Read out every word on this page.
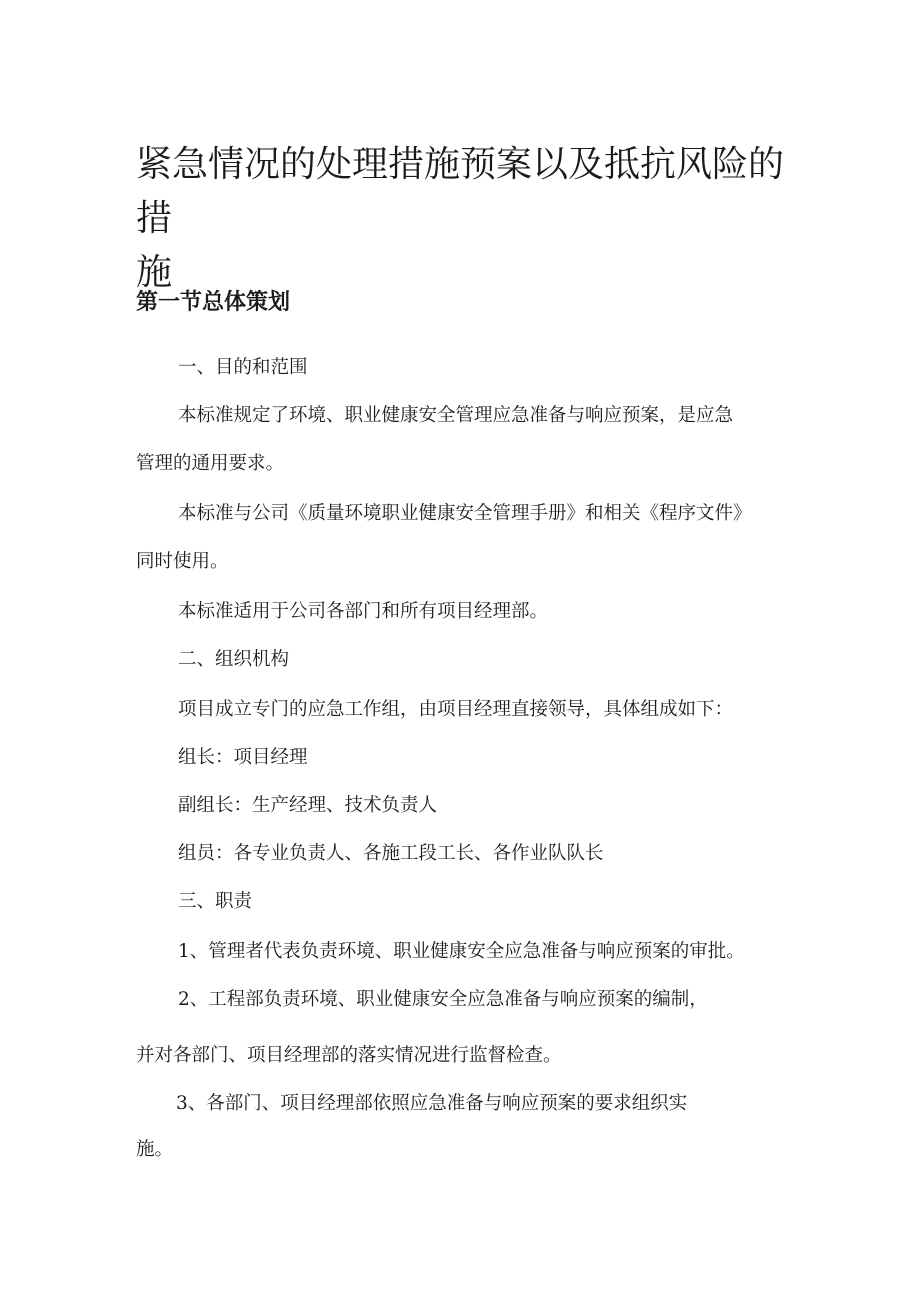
紧急情况的处理措施预案以及抵抗风险的措
施
第一节总体策划

一、目的和范围

本标准规定了环境、职业健康安全管理应急准备与响应预案，是应急

管理的通用要求。

本标准与公司《质量环境职业健康安全管理手册》和相关《程序文件》

同时使用。

本标准适用于公司各部门和所有项目经理部。

二、组织机构

项目成立专门的应急工作组，由项目经理直接领导，具体组成如下：

组长：项目经理

副组长：生产经理、技术负责人

组员：各专业负责人、各施工段工长、各作业队队长

三、职责

1、管理者代表负责环境、职业健康安全应急准备与响应预案的审批。

2、工程部负责环境、职业健康安全应急准备与响应预案的编制，

并对各部门、项目经理部的落实情况进行监督检查。

3、各部门、项目经理部依照应急准备与响应预案的要求组织实

施。
